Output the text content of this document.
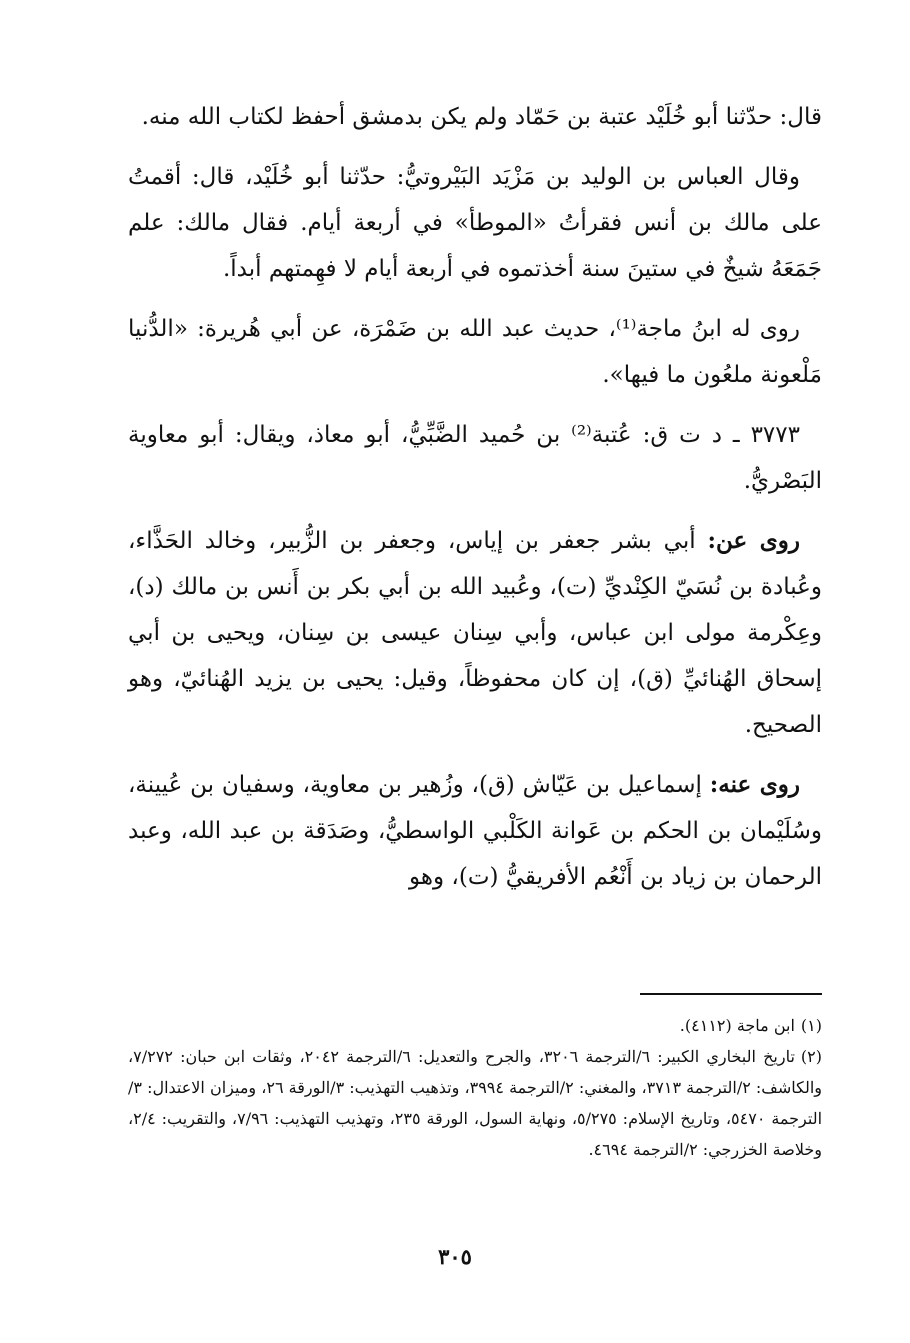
قال: حدّثنا أبو خُلَيْد عتبة بن حَمّاد ولم يكن بدمشق أحفظ لكتاب الله منه.

وقال العباس بن الوليد بن مَزْيَد البَيْروتيُّ: حدّثنا أبو خُلَيْد، قال: أقمتُ على مالك بن أنس فقرأتُ «الموطأ» في أربعة أيام. فقال مالك: علم جَمَعَهُ شيخٌ في ستينَ سنة أخذتموه في أربعة أيام لا فهِمتهم أبداً.

روى له ابنُ ماجة⁽¹⁾، حديث عبد الله بن ضَمْرَة، عن أبي هُريرة: «الدُّنيا مَلْعونة ملعُون ما فيها».

٣٧٧٣ ـ د ت ق: عُتبة⁽²⁾ بن حُميد الضَّبِّيُّ، أبو معاذ، ويقال: أبو معاوية البَصْريُّ.

روى عن: أبي بشر جعفر بن إياس، وجعفر بن الزُّبير، وخالد الحَذَّاء، وعُبادة بن نُسَيّ الكِنْديِّ (ت)، وعُبيد الله بن أبي بكر بن أَنس بن مالك (د)، وعِكْرمة مولى ابن عباس، وأبي سِنان عيسى بن سِنان، ويحيى بن أبي إسحاق الهُنائيِّ (ق)، إن كان محفوظاً، وقيل: يحيى بن يزيد الهُنائيّ، وهو الصحيح.

روى عنه: إسماعيل بن عَيّاش (ق)، وزُهير بن معاوية، وسفيان بن عُيينة، وسُلَيْمان بن الحكم بن عَوانة الكَلْبي الواسطيُّ، وصَدَقة بن عبد الله، وعبد الرحمان بن زياد بن أَنْعُم الأفريقيُّ (ت)، وهو

(١)ابن ماجة (٤١١٢).

(٢)تاريخ البخاري الكبير: ٦/الترجمة ٣٢٠٦، والجرح والتعديل: ٦/الترجمة ٢٠٤٢، وثقات ابن حبان: ٧/٢٧٢، والكاشف: ٢/الترجمة ٣٧١٣، والمغني: ٢/الترجمة ٣٩٩٤، وتذهيب التهذيب: ٣/الورقة ٢٦، وميزان الاعتدال: ٣/الترجمة ٥٤٧٠، وتاريخ الإسلام: ٥/٢٧٥، ونهاية السول، الورقة ٢٣٥، وتهذيب التهذيب: ٧/٩٦، والتقريب: ٢/٤، وخلاصة الخزرجي: ٢/الترجمة ٤٦٩٤.

٣٠٥
